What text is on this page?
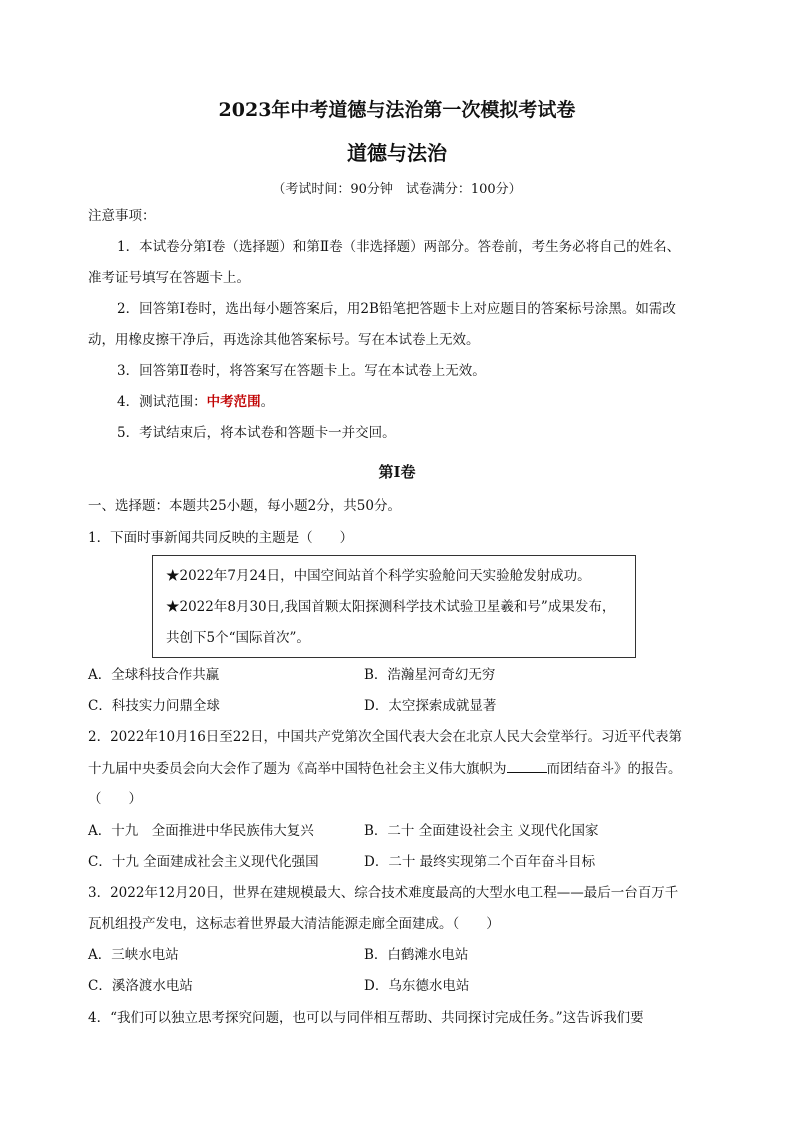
2023年中考道德与法治第一次模拟考试卷
道德与法治
（考试时间：90分钟　试卷满分：100分）
注意事项：
1．本试卷分第Ⅰ卷（选择题）和第Ⅱ卷（非选择题）两部分。答卷前，考生务必将自己的姓名、
准考证号填写在答题卡上。
2．回答第Ⅰ卷时，选出每小题答案后，用2B铅笔把答题卡上对应题目的答案标号涂黑。如需改
动，用橡皮擦干净后，再选涂其他答案标号。写在本试卷上无效。
3．回答第Ⅱ卷时，将答案写在答题卡上。写在本试卷上无效。
4．测试范围：中考范围。
5．考试结束后，将本试卷和答题卡一并交回。
第Ⅰ卷
一、选择题：本题共25小题，每小题2分，共50分。
1．下面时事新闻共同反映的主题是（　　）
★2022年7月24日，中国空间站首个科学实验舱问天实验舱发射成功。
★2022年8月30日,我国首颗太阳探测科学技术试验卫星羲和号”成果发布，
共创下5个“国际首次”。
A．全球科技合作共赢	B．浩瀚星河奇幻无穷
C．科技实力问鼎全球	D．太空探索成就显著
2．2022年10月16日至22日，中国共产党第次全国代表大会在北京人民大会堂举行。习近平代表第
十九届中央委员会向大会作了题为《高举中国特色社会主义伟大旗帜为	而团结奋斗》的报告。
（　　）
A．十九　全面推进中华民族伟大复兴	B．二十 全面建设社会主 义现代化国家
C．十九 全面建成社会主义现代化强国	D．二十 最终实现第二个百年奋斗目标
3．2022年12月20日，世界在建规模最大、综合技术难度最高的大型水电工程——最后一台百万千
瓦机组投产发电，这标志着世界最大清洁能源走廊全面建成。（　　）
A．三峡水电站	B．白鹤滩水电站
C．溪洛渡水电站	D．乌东德水电站
4．“我们可以独立思考探究问题，也可以与同伴相互帮助、共同探讨完成任务。”这告诉我们要
